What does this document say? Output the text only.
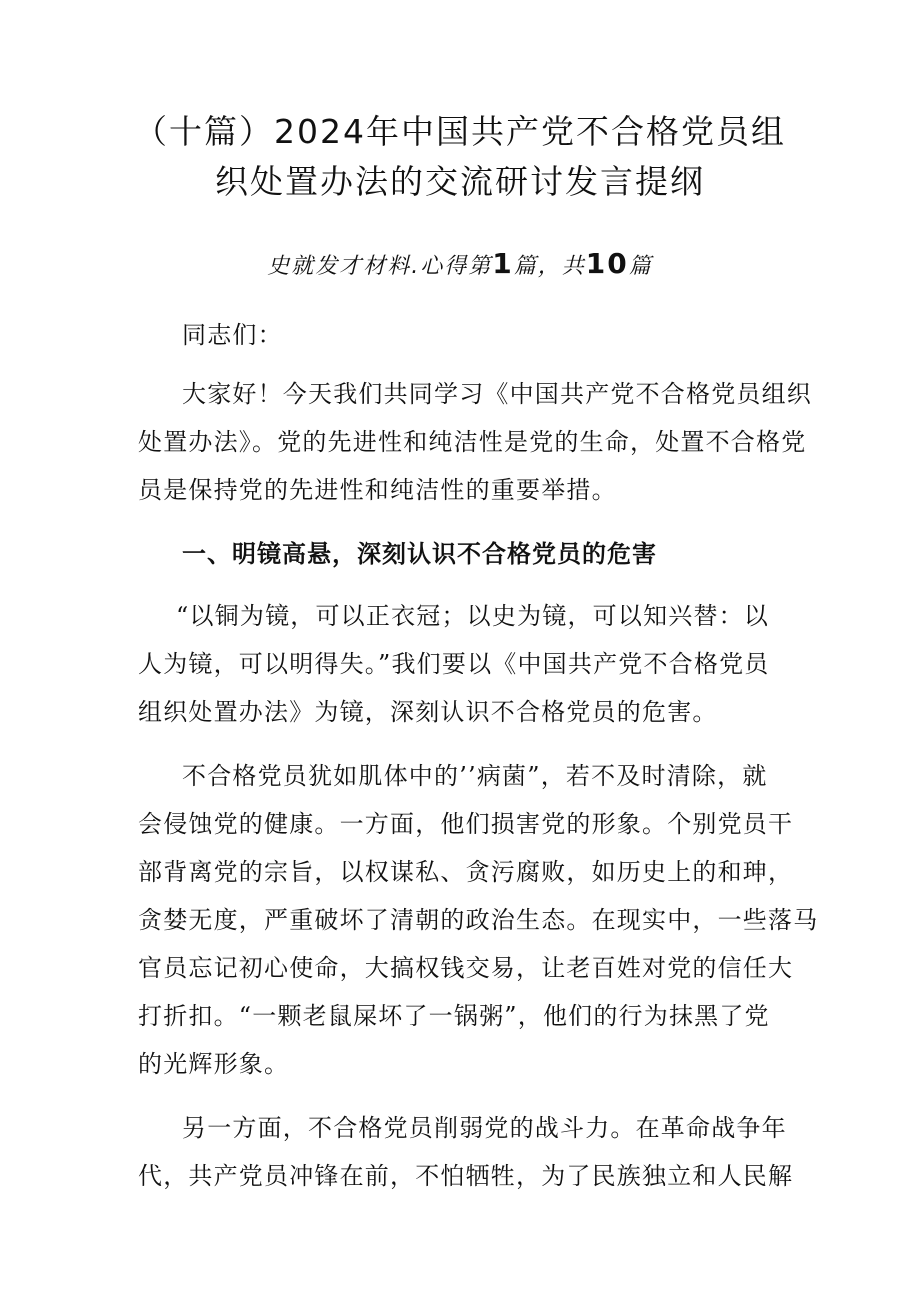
（十篇）2024年中国共产党不合格党员组
织处置办法的交流研讨发言提纲
史就发才材料.心得第1篇，共10篇
同志们：
大家好！今天我们共同学习《中国共产党不合格党员组织
处置办法》。党的先进性和纯洁性是党的生命，处置不合格党
员是保持党的先进性和纯洁性的重要举措。
一、明镜高悬，深刻认识不合格党员的危害
“以铜为镜，可以正衣冠；以史为镜，可以知兴替：以
人为镜，可以明得失。”我们要以《中国共产党不合格党员
组织处置办法》为镜，深刻认识不合格党员的危害。
不合格党员犹如肌体中的’’病菌”，若不及时清除，就
会侵蚀党的健康。一方面，他们损害党的形象。个别党员干
部背离党的宗旨，以权谋私、贪污腐败，如历史上的和珅，
贪婪无度，严重破坏了清朝的政治生态。在现实中，一些落马
官员忘记初心使命，大搞权钱交易，让老百姓对党的信任大
打折扣。“一颗老鼠屎坏了一锅粥”，他们的行为抹黑了党
的光辉形象。
另一方面，不合格党员削弱党的战斗力。在革命战争年
代，共产党员冲锋在前，不怕牺牲，为了民族独立和人民解
